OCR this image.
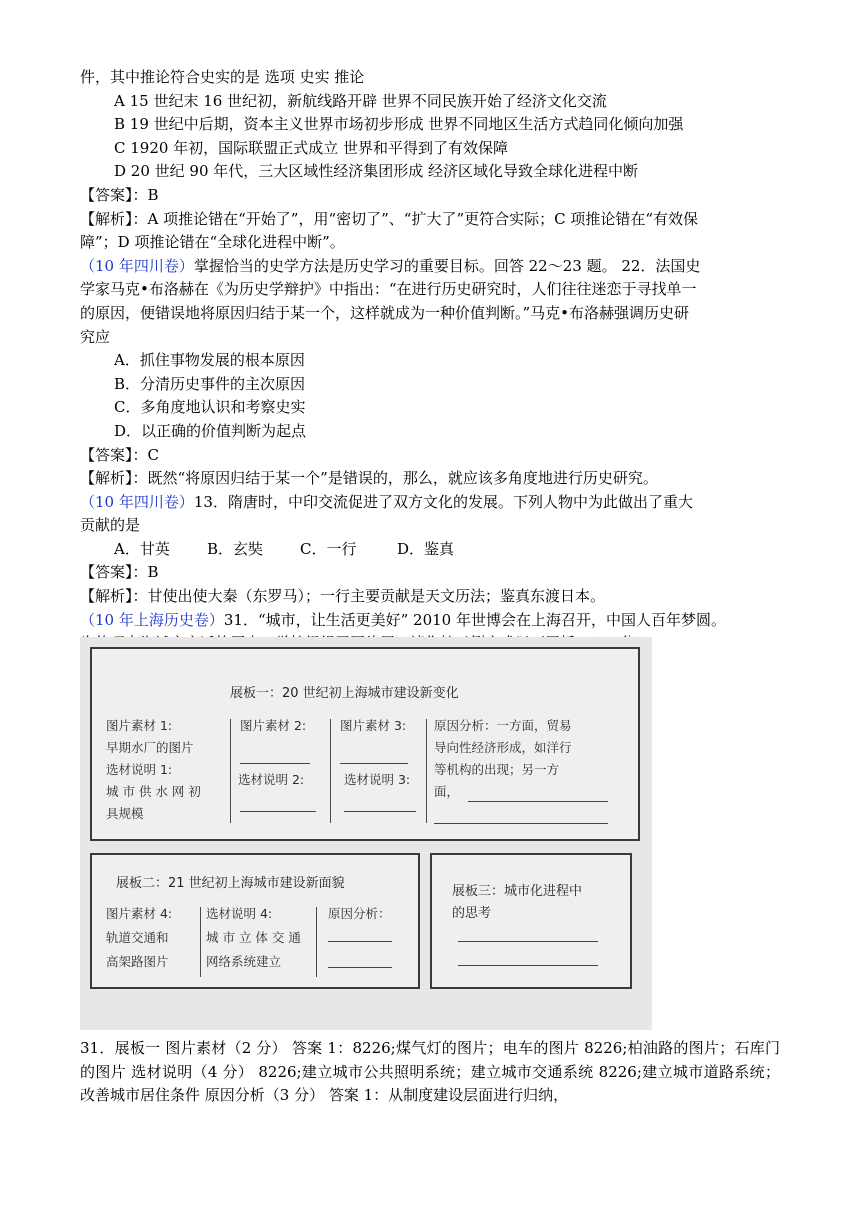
件，其中推论符合史实的是 选项 史实 推论
A 15 世纪末 16 世纪初，新航线路开辟 世界不同民族开始了经济文化交流
B 19 世纪中后期，资本主义世界市场初步形成 世界不同地区生活方式趋同化倾向加强
C 1920 年初，国际联盟正式成立 世界和平得到了有效保障
D 20 世纪 90 年代，三大区域性经济集团形成 经济区域化导致全球化进程中断
【答案】：B
【解析】：A 项推论错在“开始了”，用“密切了”、“扩大了”更符合实际；C 项推论错在“有效保
障”；D 项推论错在“全球化进程中断”。
（10 年四川卷）掌握恰当的史学方法是历史学习的重要目标。回答 22～23 题。 22．法国史
学家马克•布洛赫在《为历史学辩护》中指出：“在进行历史研究时，人们往往迷恋于寻找单一
的原因，便错误地将原因归结于某一个，这样就成为一种价值判断。”马克•布洛赫强调历史研
究应
A．抓住事物发展的根本原因
B．分清历史事件的主次原因
C．多角度地认识和考察史实
D．以正确的价值判断为起点
【答案】：C
【解析】：既然“将原因归结于某一个”是错误的，那么，就应该多角度地进行历史研究。
（10 年四川卷）13．隋唐时，中印交流促进了双方文化的发展。下列人物中为此做出了重大
贡献的是
A．甘英 B．玄奘 C．一行	D．鉴真
【答案】：B
【解析】：甘使出使大秦（东罗马）；一行主要贡献是天文历法；鉴真东渡日本。
（10 年上海历史卷）31．“城市，让生活更美好” 2010 年世博会在上海召开，中国人百年梦圆。
展板一：20 世纪初上海城市建设新变化
图片素材 1:
早期水厂的图片
选材说明 1:
城 市 供 水 网 初
具规模
图片素材 2:
选材说明 2:
图片素材 3:
选材说明 3:
原因分析：一方面，贸易
导向性经济形成，如洋行
等机构的出现；另一方
面，
展板二：21 世纪初上海城市建设新面貌
图片素材 4:
轨道交通和
高架路图片
选材说明 4:
城 市 立 体 交 通
网络系统建立
原因分析：
展板三：城市化进程中
的思考
31．展板一 图片素材（2 分） 答案 1：8226;煤气灯的图片；电车的图片 8226;柏油路的图片；石库门的图片 选材说明（4 分） 8226;建立城市公共照明系统；建立城市交通系统 8226;建立城市道路系统；改善城市居住条件 原因分析（3 分） 答案 1：从制度建设层面进行归纳，
